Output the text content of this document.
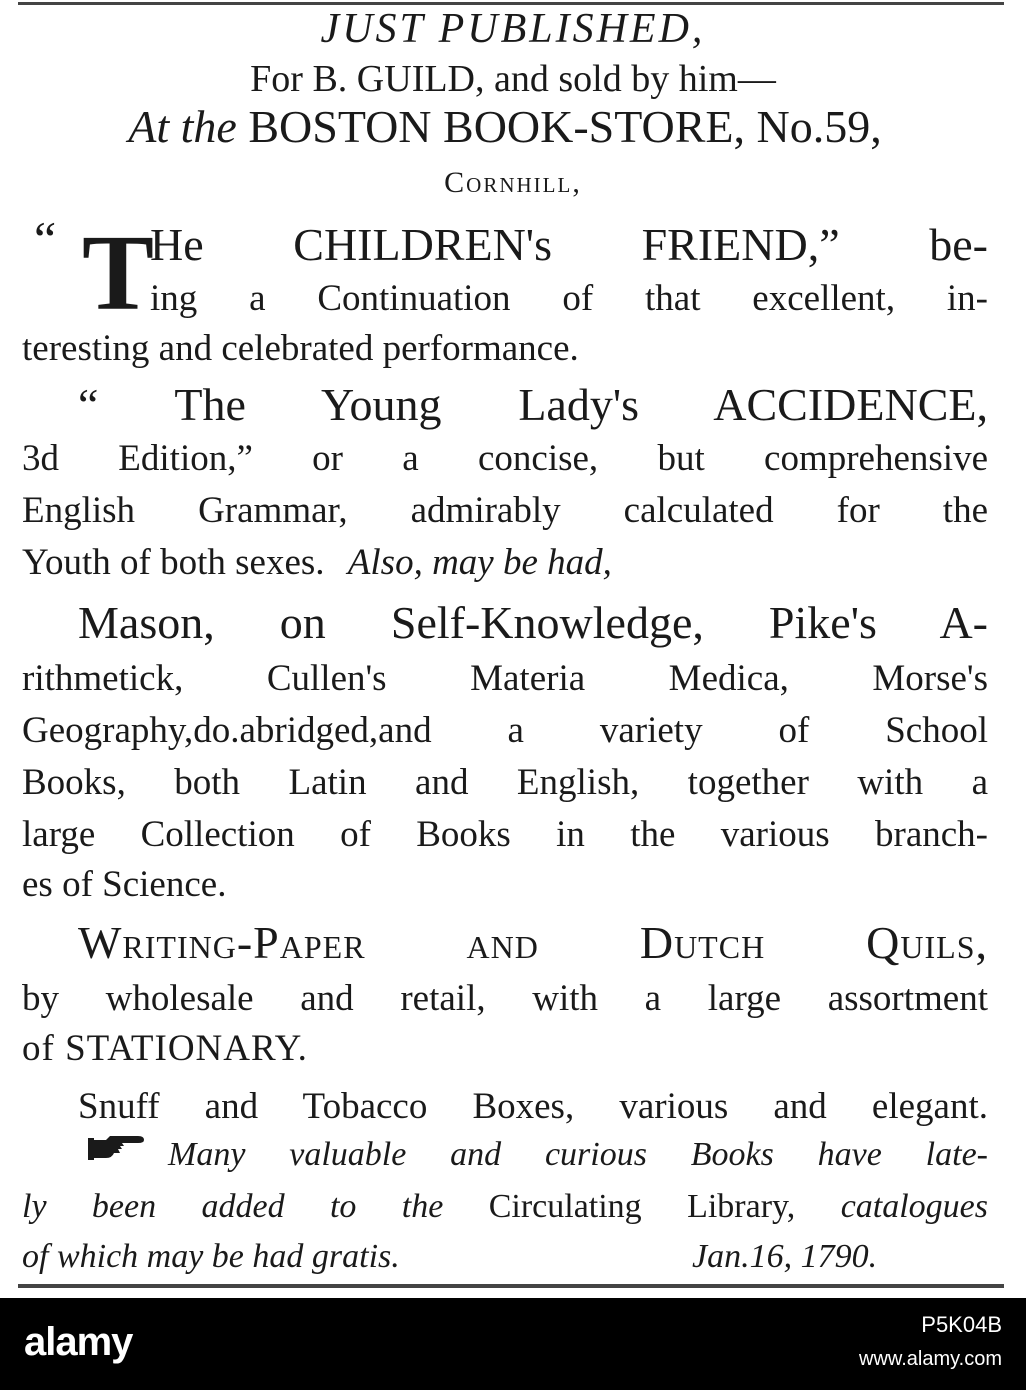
JUST PUBLISHED,
For B. GUILD, and sold by him—
At the BOSTON BOOK-STORE, No.59,
Cornhill,
“ T
He CHILDREN's FRIEND,” be-
ing a Continuation of that excellent, in-
teresting and celebrated performance.
“ The Young Lady's ACCIDENCE,
3d Edition,” or a concise, but comprehensive
English Grammar, admirably calculated for the
Youth of both sexes. Also, may be had,
Mason, on Self-Knowledge, Pike's A-
rithmetick, Cullen's Materia Medica, Morse's
Geography,do.abridged,and a variety of School
Books, both Latin and English, together with a
large Collection of Books in the various branch-
es of Science.
Writing-Paper and Dutch Quils,
by wholesale and retail, with a large assortment
of STATIONARY.
Snuff and Tobacco Boxes, various and elegant.
Many valuable and curious Books have late-
ly been added to the Circulating Library, catalogues
of which may be had gratis.	Jan.16, 1790.
alamy	P5K04B
www.alamy.com
